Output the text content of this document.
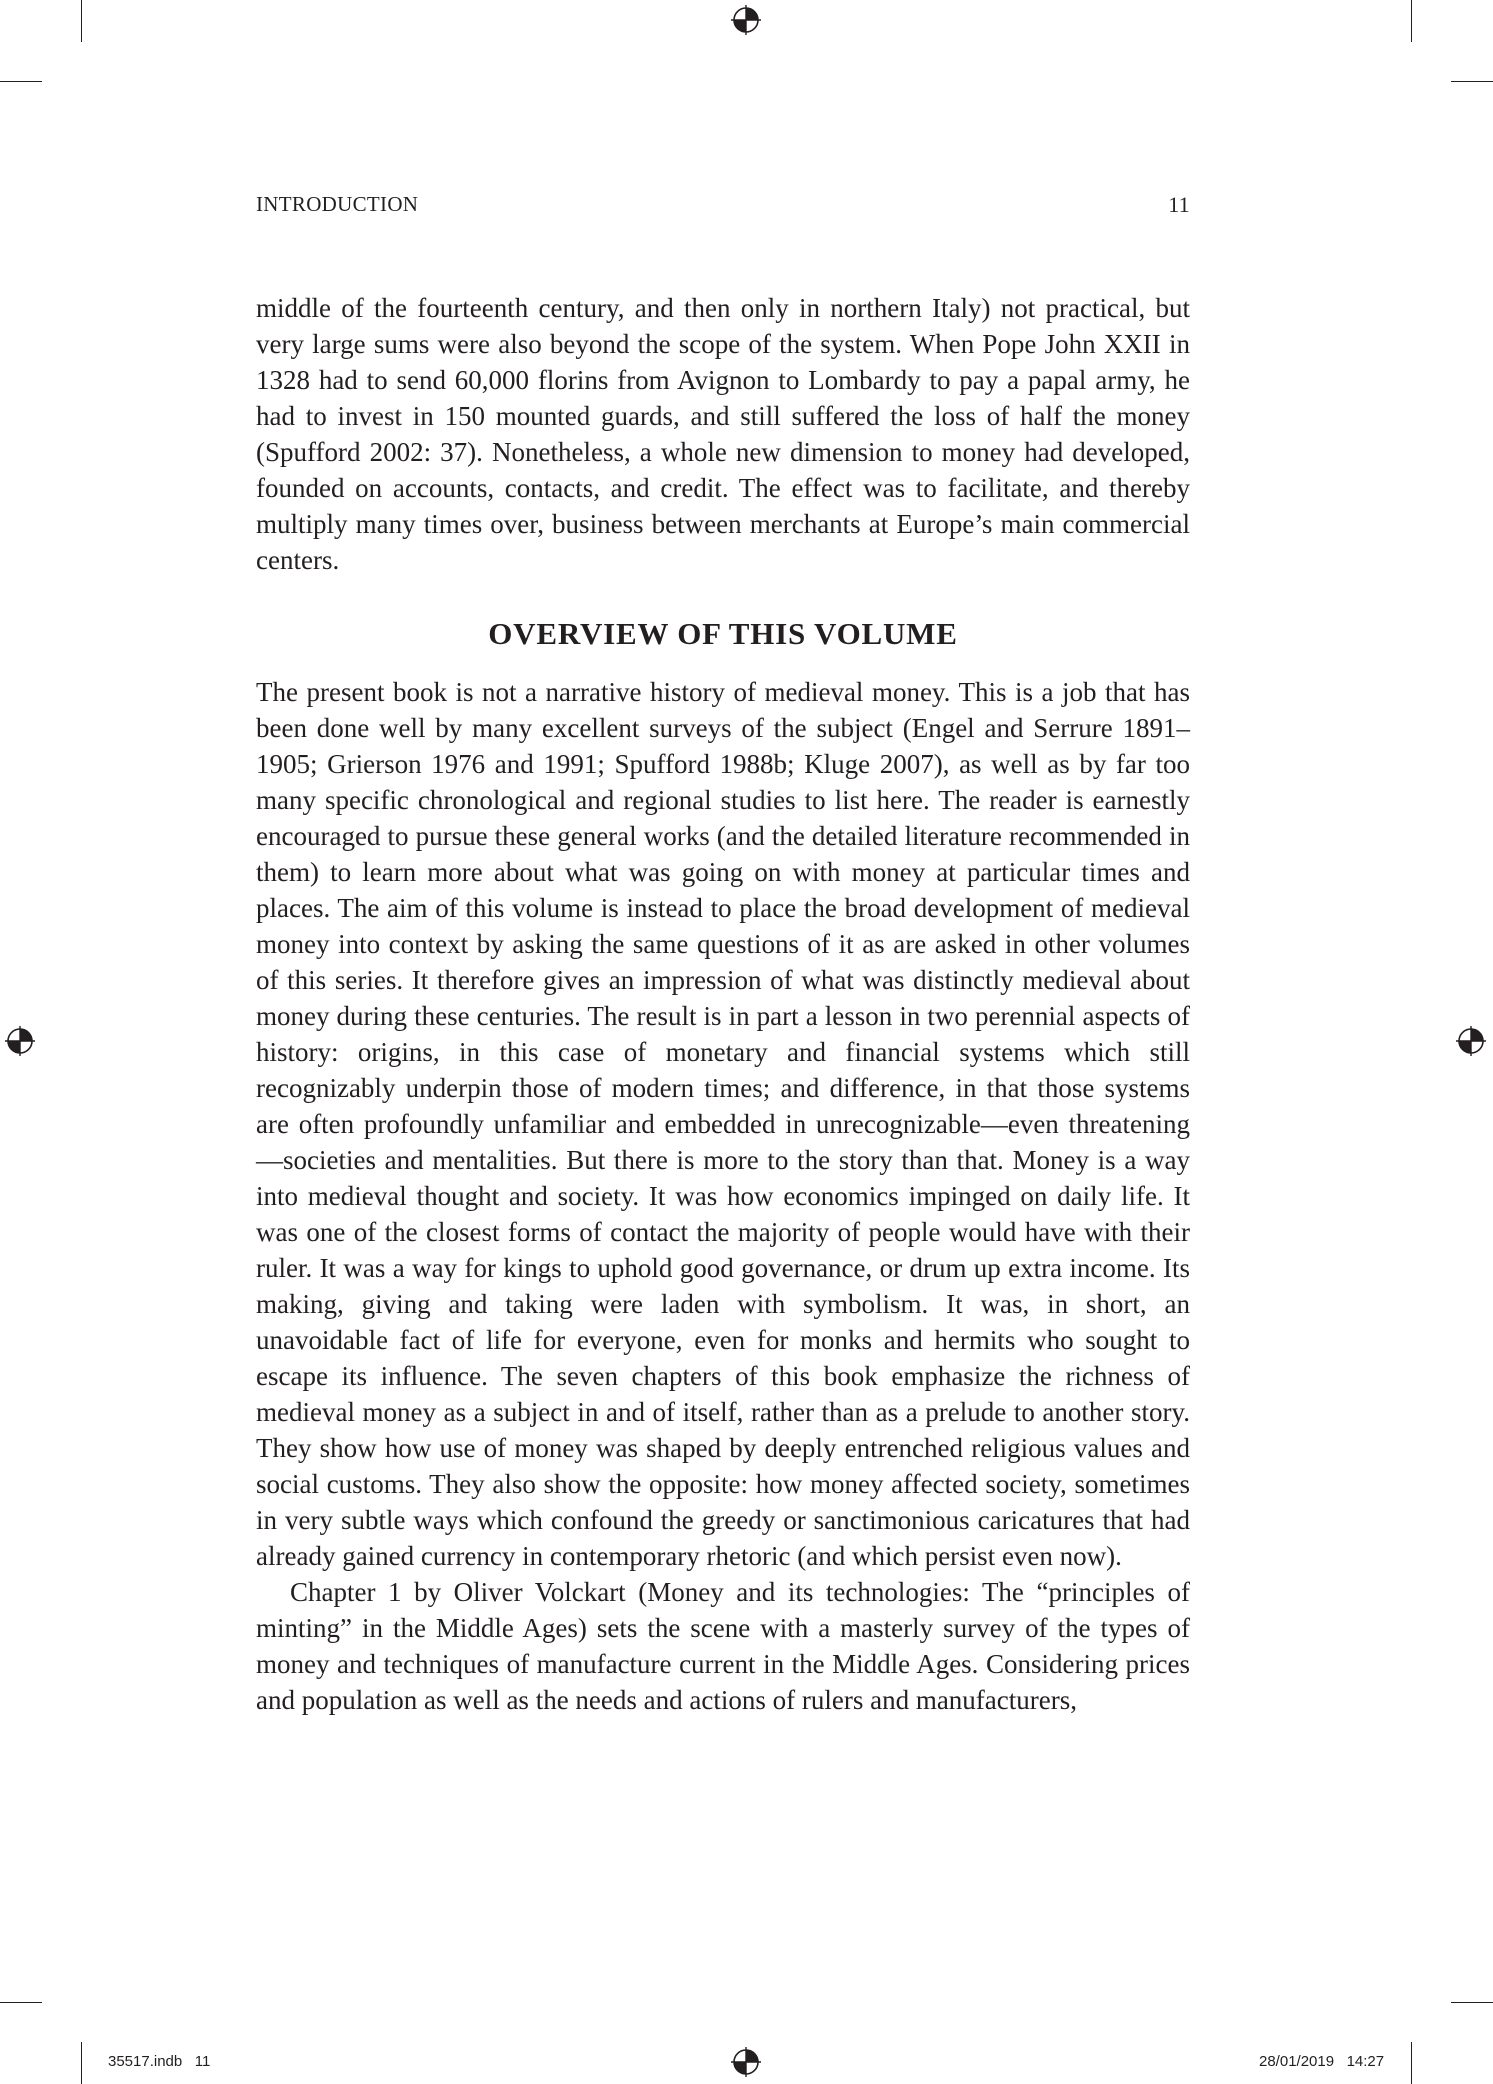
INTRODUCTION	11

middle of the fourteenth century, and then only in northern Italy) not practical, but very large sums were also beyond the scope of the system. When Pope John XXII in 1328 had to send 60,000 florins from Avignon to Lombardy to pay a papal army, he had to invest in 150 mounted guards, and still suffered the loss of half the money (Spufford 2002: 37). Nonetheless, a whole new dimension to money had developed, founded on accounts, contacts, and credit. The effect was to facilitate, and thereby multiply many times over, business between merchants at Europe’s main commercial centers.

OVERVIEW OF THIS VOLUME

The present book is not a narrative history of medieval money. This is a job that has been done well by many excellent surveys of the subject (Engel and Serrure 1891–1905; Grierson 1976 and 1991; Spufford 1988b; Kluge 2007), as well as by far too many specific chronological and regional studies to list here. The reader is earnestly encouraged to pursue these general works (and the detailed literature recommended in them) to learn more about what was going on with money at particular times and places. The aim of this volume is instead to place the broad development of medieval money into context by asking the same questions of it as are asked in other volumes of this series. It therefore gives an impression of what was distinctly medieval about money during these centuries. The result is in part a lesson in two perennial aspects of history: origins, in this case of monetary and financial systems which still recognizably underpin those of modern times; and difference, in that those systems are often profoundly unfamiliar and embedded in unrecognizable—even threatening—societies and mentalities. But there is more to the story than that. Money is a way into medieval thought and society. It was how economics impinged on daily life. It was one of the closest forms of contact the majority of people would have with their ruler. It was a way for kings to uphold good governance, or drum up extra income. Its making, giving and taking were laden with symbolism. It was, in short, an unavoidable fact of life for everyone, even for monks and hermits who sought to escape its influence. The seven chapters of this book emphasize the richness of medieval money as a subject in and of itself, rather than as a prelude to another story. They show how use of money was shaped by deeply entrenched religious values and social customs. They also show the opposite: how money affected society, sometimes in very subtle ways which confound the greedy or sanctimonious caricatures that had already gained currency in contemporary rhetoric (and which persist even now).

Chapter 1 by Oliver Volckart (Money and its technologies: The “principles of minting” in the Middle Ages) sets the scene with a masterly survey of the types of money and techniques of manufacture current in the Middle Ages. Considering prices and population as well as the needs and actions of rulers and manufacturers,

35517.indb   11	28/01/2019   14:27
